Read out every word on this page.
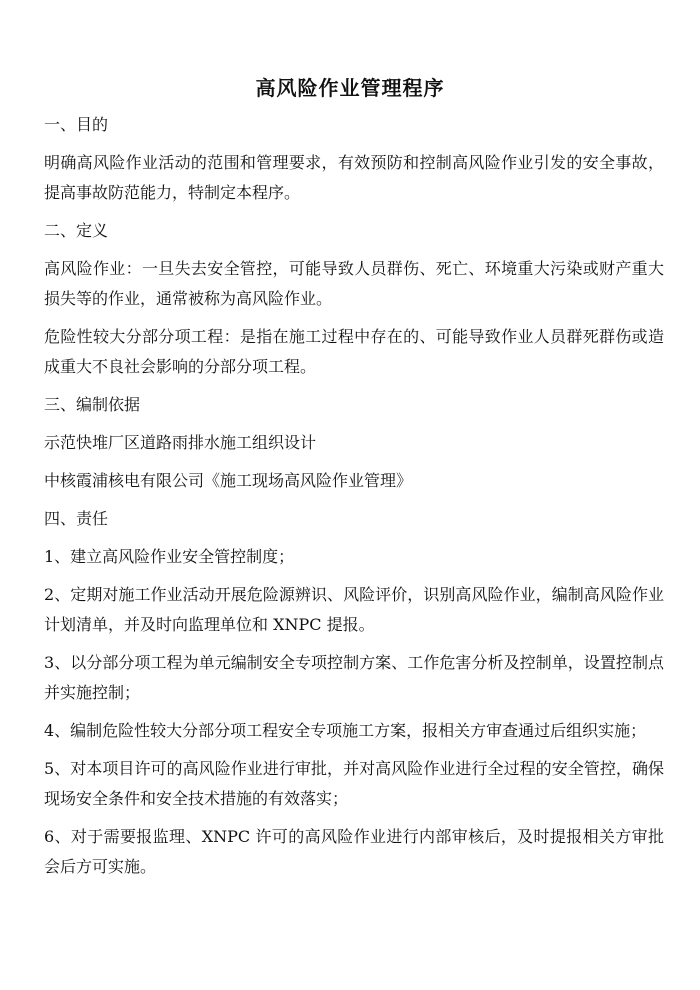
高风险作业管理程序

一、目的

明确高风险作业活动的范围和管理要求，有效预防和控制高风险作业引发的安全事故，提高事故防范能力，特制定本程序。

二、定义

高风险作业：一旦失去安全管控，可能导致人员群伤、死亡、环境重大污染或财产重大损失等的作业，通常被称为高风险作业。

危险性较大分部分项工程：是指在施工过程中存在的、可能导致作业人员群死群伤或造成重大不良社会影响的分部分项工程。

三、编制依据

示范快堆厂区道路雨排水施工组织设计

中核霞浦核电有限公司《施工现场高风险作业管理》

四、责任

1、建立高风险作业安全管控制度；

2、定期对施工作业活动开展危险源辨识、风险评价，识别高风险作业，编制高风险作业计划清单，并及时向监理单位和 XNPC 提报。

3、以分部分项工程为单元编制安全专项控制方案、工作危害分析及控制单，设置控制点并实施控制；

4、编制危险性较大分部分项工程安全专项施工方案，报相关方审查通过后组织实施；

5、对本项目许可的高风险作业进行审批，并对高风险作业进行全过程的安全管控，确保现场安全条件和安全技术措施的有效落实；

6、对于需要报监理、XNPC 许可的高风险作业进行内部审核后，及时提报相关方审批会后方可实施。
